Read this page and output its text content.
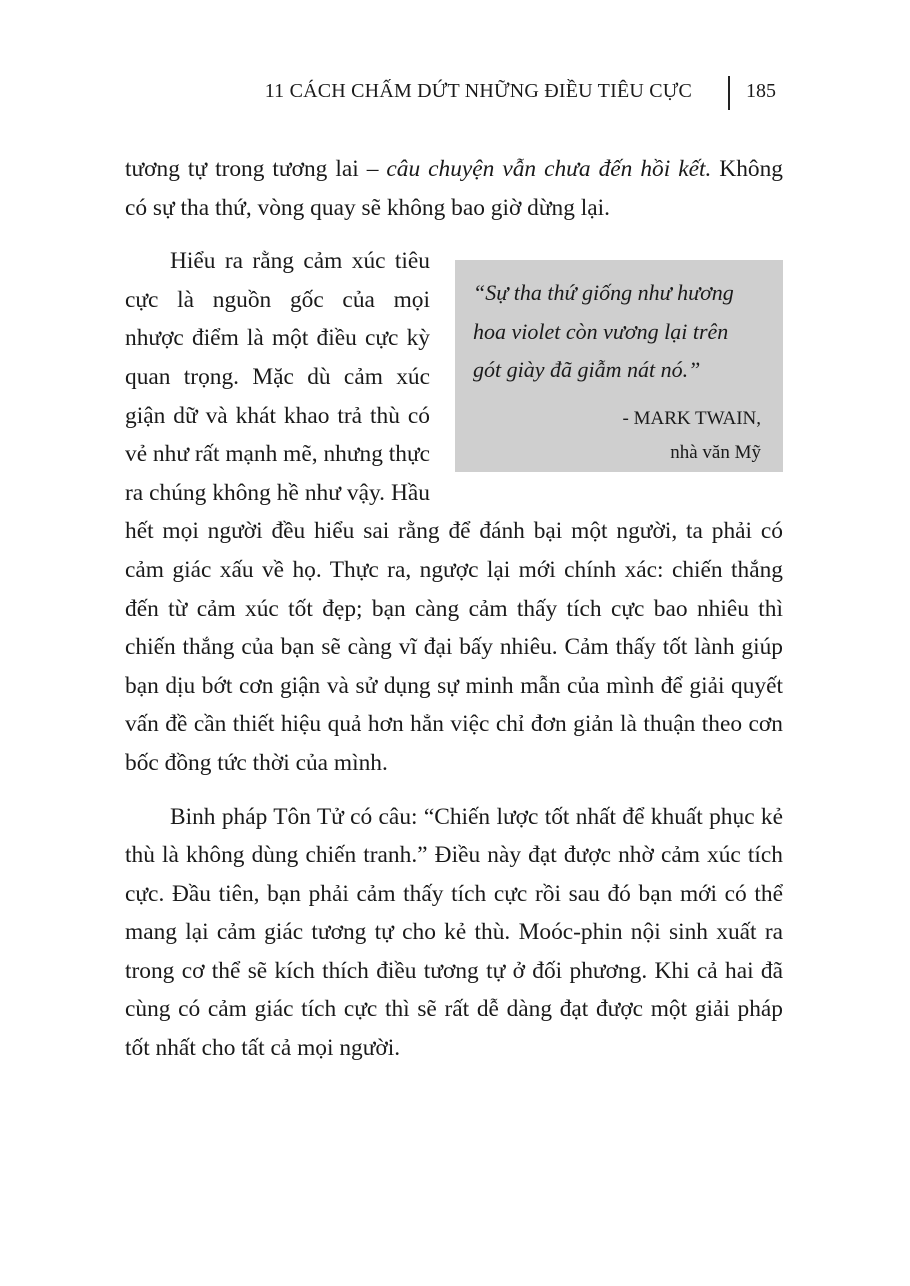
11 CÁCH CHẤM DỨT NHỮNG ĐIỀU TIÊU CỰC	185

tương tự trong tương lai – câu chuyện vẫn chưa đến hồi kết. Không có sự tha thứ, vòng quay sẽ không bao giờ dừng lại.

“Sự tha thứ giống như hương hoa violet còn vương lại trên gót giày đã giẫm nát nó.”
- MARK TWAIN,
nhà văn Mỹ
Hiểu ra rằng cảm xúc tiêu cực là nguồn gốc của mọi nhược điểm là một điều cực kỳ quan trọng. Mặc dù cảm xúc giận dữ và khát khao trả thù có vẻ như rất mạnh mẽ, nhưng thực ra chúng không hề như vậy. Hầu hết mọi người đều hiểu sai rằng để đánh bại một người, ta phải có cảm giác xấu về họ. Thực ra, ngược lại mới chính xác: chiến thắng đến từ cảm xúc tốt đẹp; bạn càng cảm thấy tích cực bao nhiêu thì chiến thắng của bạn sẽ càng vĩ đại bấy nhiêu. Cảm thấy tốt lành giúp bạn dịu bớt cơn giận và sử dụng sự minh mẫn của mình để giải quyết vấn đề cần thiết hiệu quả hơn hẳn việc chỉ đơn giản là thuận theo cơn bốc đồng tức thời của mình.

Binh pháp Tôn Tử có câu: “Chiến lược tốt nhất để khuất phục kẻ thù là không dùng chiến tranh.” Điều này đạt được nhờ cảm xúc tích cực. Đầu tiên, bạn phải cảm thấy tích cực rồi sau đó bạn mới có thể mang lại cảm giác tương tự cho kẻ thù. Moóc-phin nội sinh xuất ra trong cơ thể sẽ kích thích điều tương tự ở đối phương. Khi cả hai đã cùng có cảm giác tích cực thì sẽ rất dễ dàng đạt được một giải pháp tốt nhất cho tất cả mọi người.
